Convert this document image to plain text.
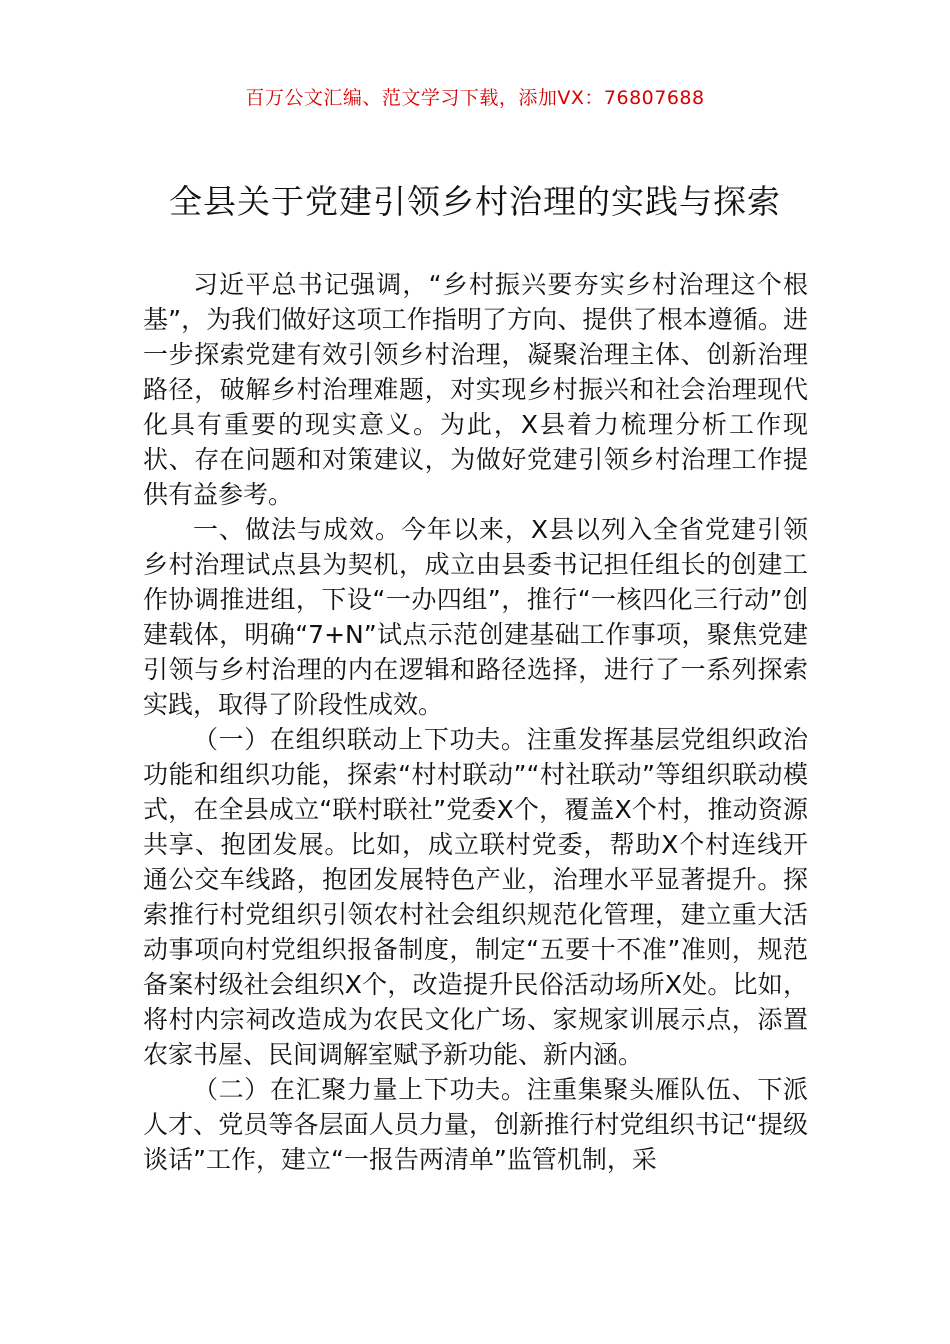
百万公文汇编、范文学习下载，添加VX：76807688
全县关于党建引领乡村治理的实践与探索

习近平总书记强调，“乡村振兴要夯实乡村治理这个根基”，为我们做好这项工作指明了方向、提供了根本遵循。进一步探索党建有效引领乡村治理，凝聚治理主体、创新治理路径，破解乡村治理难题，对实现乡村振兴和社会治理现代化具有重要的现实意义。为此，X县着力梳理分析工作现状、存在问题和对策建议，为做好党建引领乡村治理工作提供有益参考。

一、做法与成效。今年以来，X县以列入全省党建引领乡村治理试点县为契机，成立由县委书记担任组长的创建工作协调推进组，下设“一办四组”，推行“一核四化三行动”创建载体，明确“7+N”试点示范创建基础工作事项，聚焦党建引领与乡村治理的内在逻辑和路径选择，进行了一系列探索实践，取得了阶段性成效。

（一）在组织联动上下功夫。注重发挥基层党组织政治功能和组织功能，探索“村村联动”“村社联动”等组织联动模式，在全县成立“联村联社”党委X个，覆盖X个村，推动资源共享、抱团发展。比如，成立联村党委，帮助X个村连线开通公交车线路，抱团发展特色产业，治理水平显著提升。探索推行村党组织引领农村社会组织规范化管理，建立重大活动事项向村党组织报备制度，制定“五要十不准”准则，规范备案村级社会组织X个，改造提升民俗活动场所X处。比如，将村内宗祠改造成为农民文化广场、家规家训展示点，添置农家书屋、民间调解室赋予新功能、新内涵。

（二）在汇聚力量上下功夫。注重集聚头雁队伍、下派人才、党员等各层面人员力量，创新推行村党组织书记“提级谈话”工作，建立“一报告两清单”监管机制，采
